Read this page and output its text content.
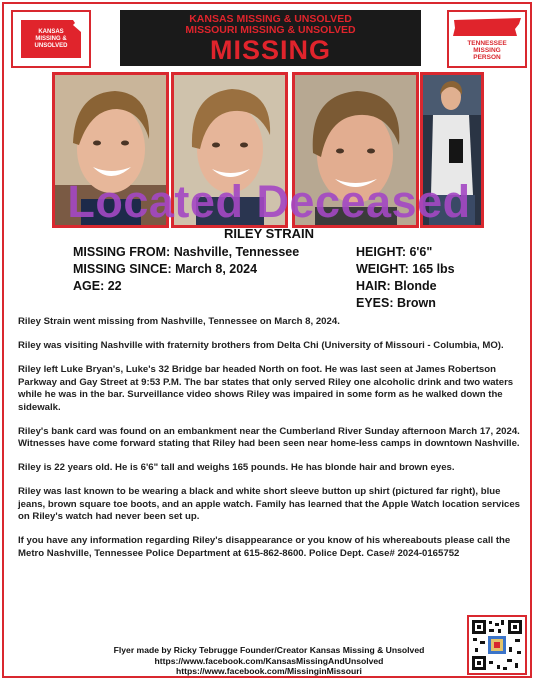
KANSAS MISSING & UNSOLVED
KANSAS MISSING & UNSOLVED
MISSOURI MISSING & UNSOLVED
MISSING	TENNESSEE
MISSING
PERSON
Located Deceased
RILEY STRAIN
MISSING FROM: Nashville, Tennessee
MISSING SINCE: March 8, 2024
AGE: 22
HEIGHT: 6'6"
WEIGHT: 165 lbs
HAIR: Blonde
EYES: Brown

Riley Strain went missing from Nashville, Tennessee on March 8, 2024.

Riley was visiting Nashville with fraternity brothers from Delta Chi (University of Missouri - Columbia, MO).

Riley left Luke Bryan's, Luke's 32 Bridge bar headed North on foot. He was last seen at James Robertson Parkway and Gay Street at 9:53 P.M. The bar states that only served Riley one alcoholic drink and two waters while he was in the bar. Surveillance video shows Riley was impaired in some form as he walked down the sidewalk.

Riley's bank card was found on an embankment near the Cumberland River Sunday afternoon March 17, 2024. Witnesses have come forward stating that Riley had been seen near home-less camps in downtown Nashville.

Riley is 22 years old. He is 6'6" tall and weighs 165 pounds. He has blonde hair and brown eyes.

Riley was last known to be wearing a black and white short sleeve button up shirt (pictured far right), blue jeans, brown square toe boots, and an apple watch. Family has learned that the Apple Watch location services on Riley's watch had never been set up.

If you have any information regarding Riley's disappearance or you know of his whereabouts please call the Metro Nashville, Tennessee Police Department at 615-862-8600. Police Dept. Case# 2024-0165752

Flyer made by Ricky Tebrugge Founder/Creator Kansas Missing & Unsolved
https://www.facebook.com/KansasMissingAndUnsolved
https://www.facebook.com/MissinginMissouri
